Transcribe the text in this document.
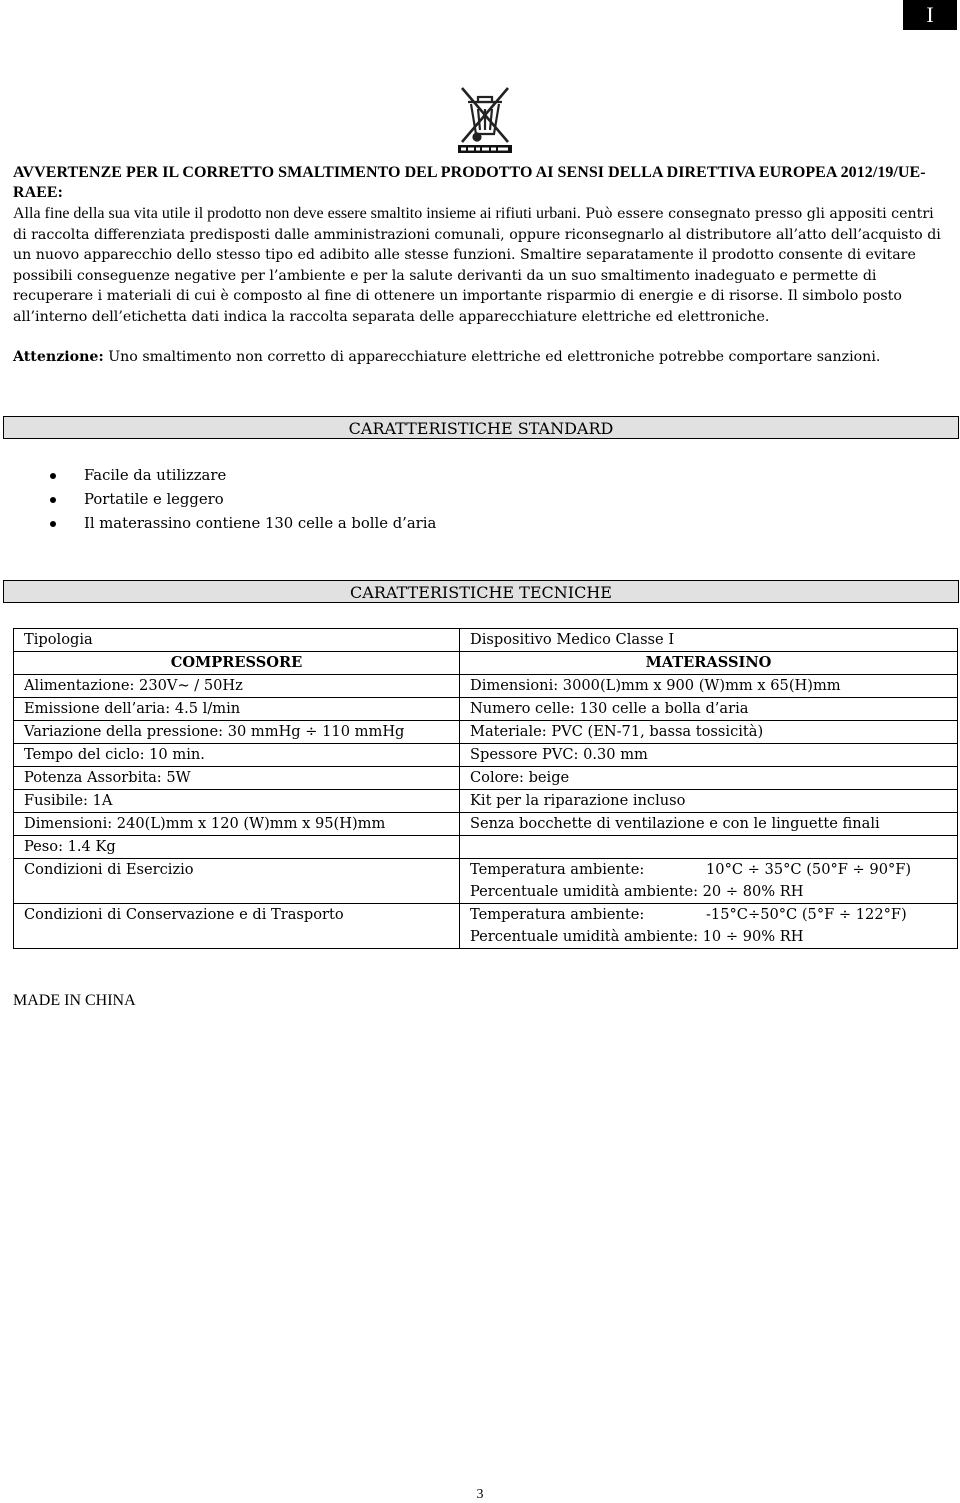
I

AVVERTENZE PER IL CORRETTO SMALTIMENTO DEL PRODOTTO AI SENSI DELLA DIRETTIVA EUROPEA 2012/19/UE-RAEE:

Alla fine della sua vita utile il prodotto non deve essere smaltito insieme ai rifiuti urbani. Può essere consegnato presso gli appositi centri di raccolta differenziata predisposti dalle amministrazioni comunali, oppure riconsegnarlo al distributore all’atto dell’acquisto di un nuovo apparecchio dello stesso tipo ed adibito alle stesse funzioni. Smaltire separatamente il prodotto consente di evitare possibili conseguenze negative per l’ambiente e per la salute derivanti da un suo smaltimento inadeguato e permette di recuperare i materiali di cui è composto al fine di ottenere un importante risparmio di energie e di risorse. Il simbolo posto all’interno dell’etichetta dati indica la raccolta separata delle apparecchiature elettriche ed elettroniche.

Attenzione: Uno smaltimento non corretto di apparecchiature elettriche ed elettroniche potrebbe comportare sanzioni.

CARATTERISTICHE STANDARD
Facile da utilizzare
Portatile e leggero
Il materassino contiene 130 celle a bolle d’aria
CARATTERISTICHE TECNICHE
Tipologia	Dispositivo Medico Classe I
COMPRESSORE	MATERASSINO
Alimentazione: 230V~ / 50Hz	Dimensioni: 3000(L)mm x 900 (W)mm x 65(H)mm
Emissione dell’aria: 4.5 l/min	Numero celle: 130 celle a bolla d’aria
Variazione della pressione: 30 mmHg ÷ 110 mmHg	Materiale: PVC (EN-71, bassa tossicità)
Tempo del ciclo: 10 min.	Spessore PVC: 0.30 mm
Potenza Assorbita: 5W	Colore: beige
Fusibile: 1A	Kit per la riparazione incluso
Dimensioni: 240(L)mm x 120 (W)mm x 95(H)mm	Senza bocchette di ventilazione e con le linguette finali
Peso: 1.4 Kg	
Condizioni di Esercizio	Temperatura ambiente: 10°C ÷ 35°C (50°F ÷ 90°F)
Percentuale umidità ambiente: 20 ÷ 80% RH

Condizioni di Conservazione e di Trasporto	Temperatura ambiente: -15°C÷50°C (5°F ÷ 122°F)
Percentuale umidità ambiente: 10 ÷ 90% RH

MADE IN CHINA

3
